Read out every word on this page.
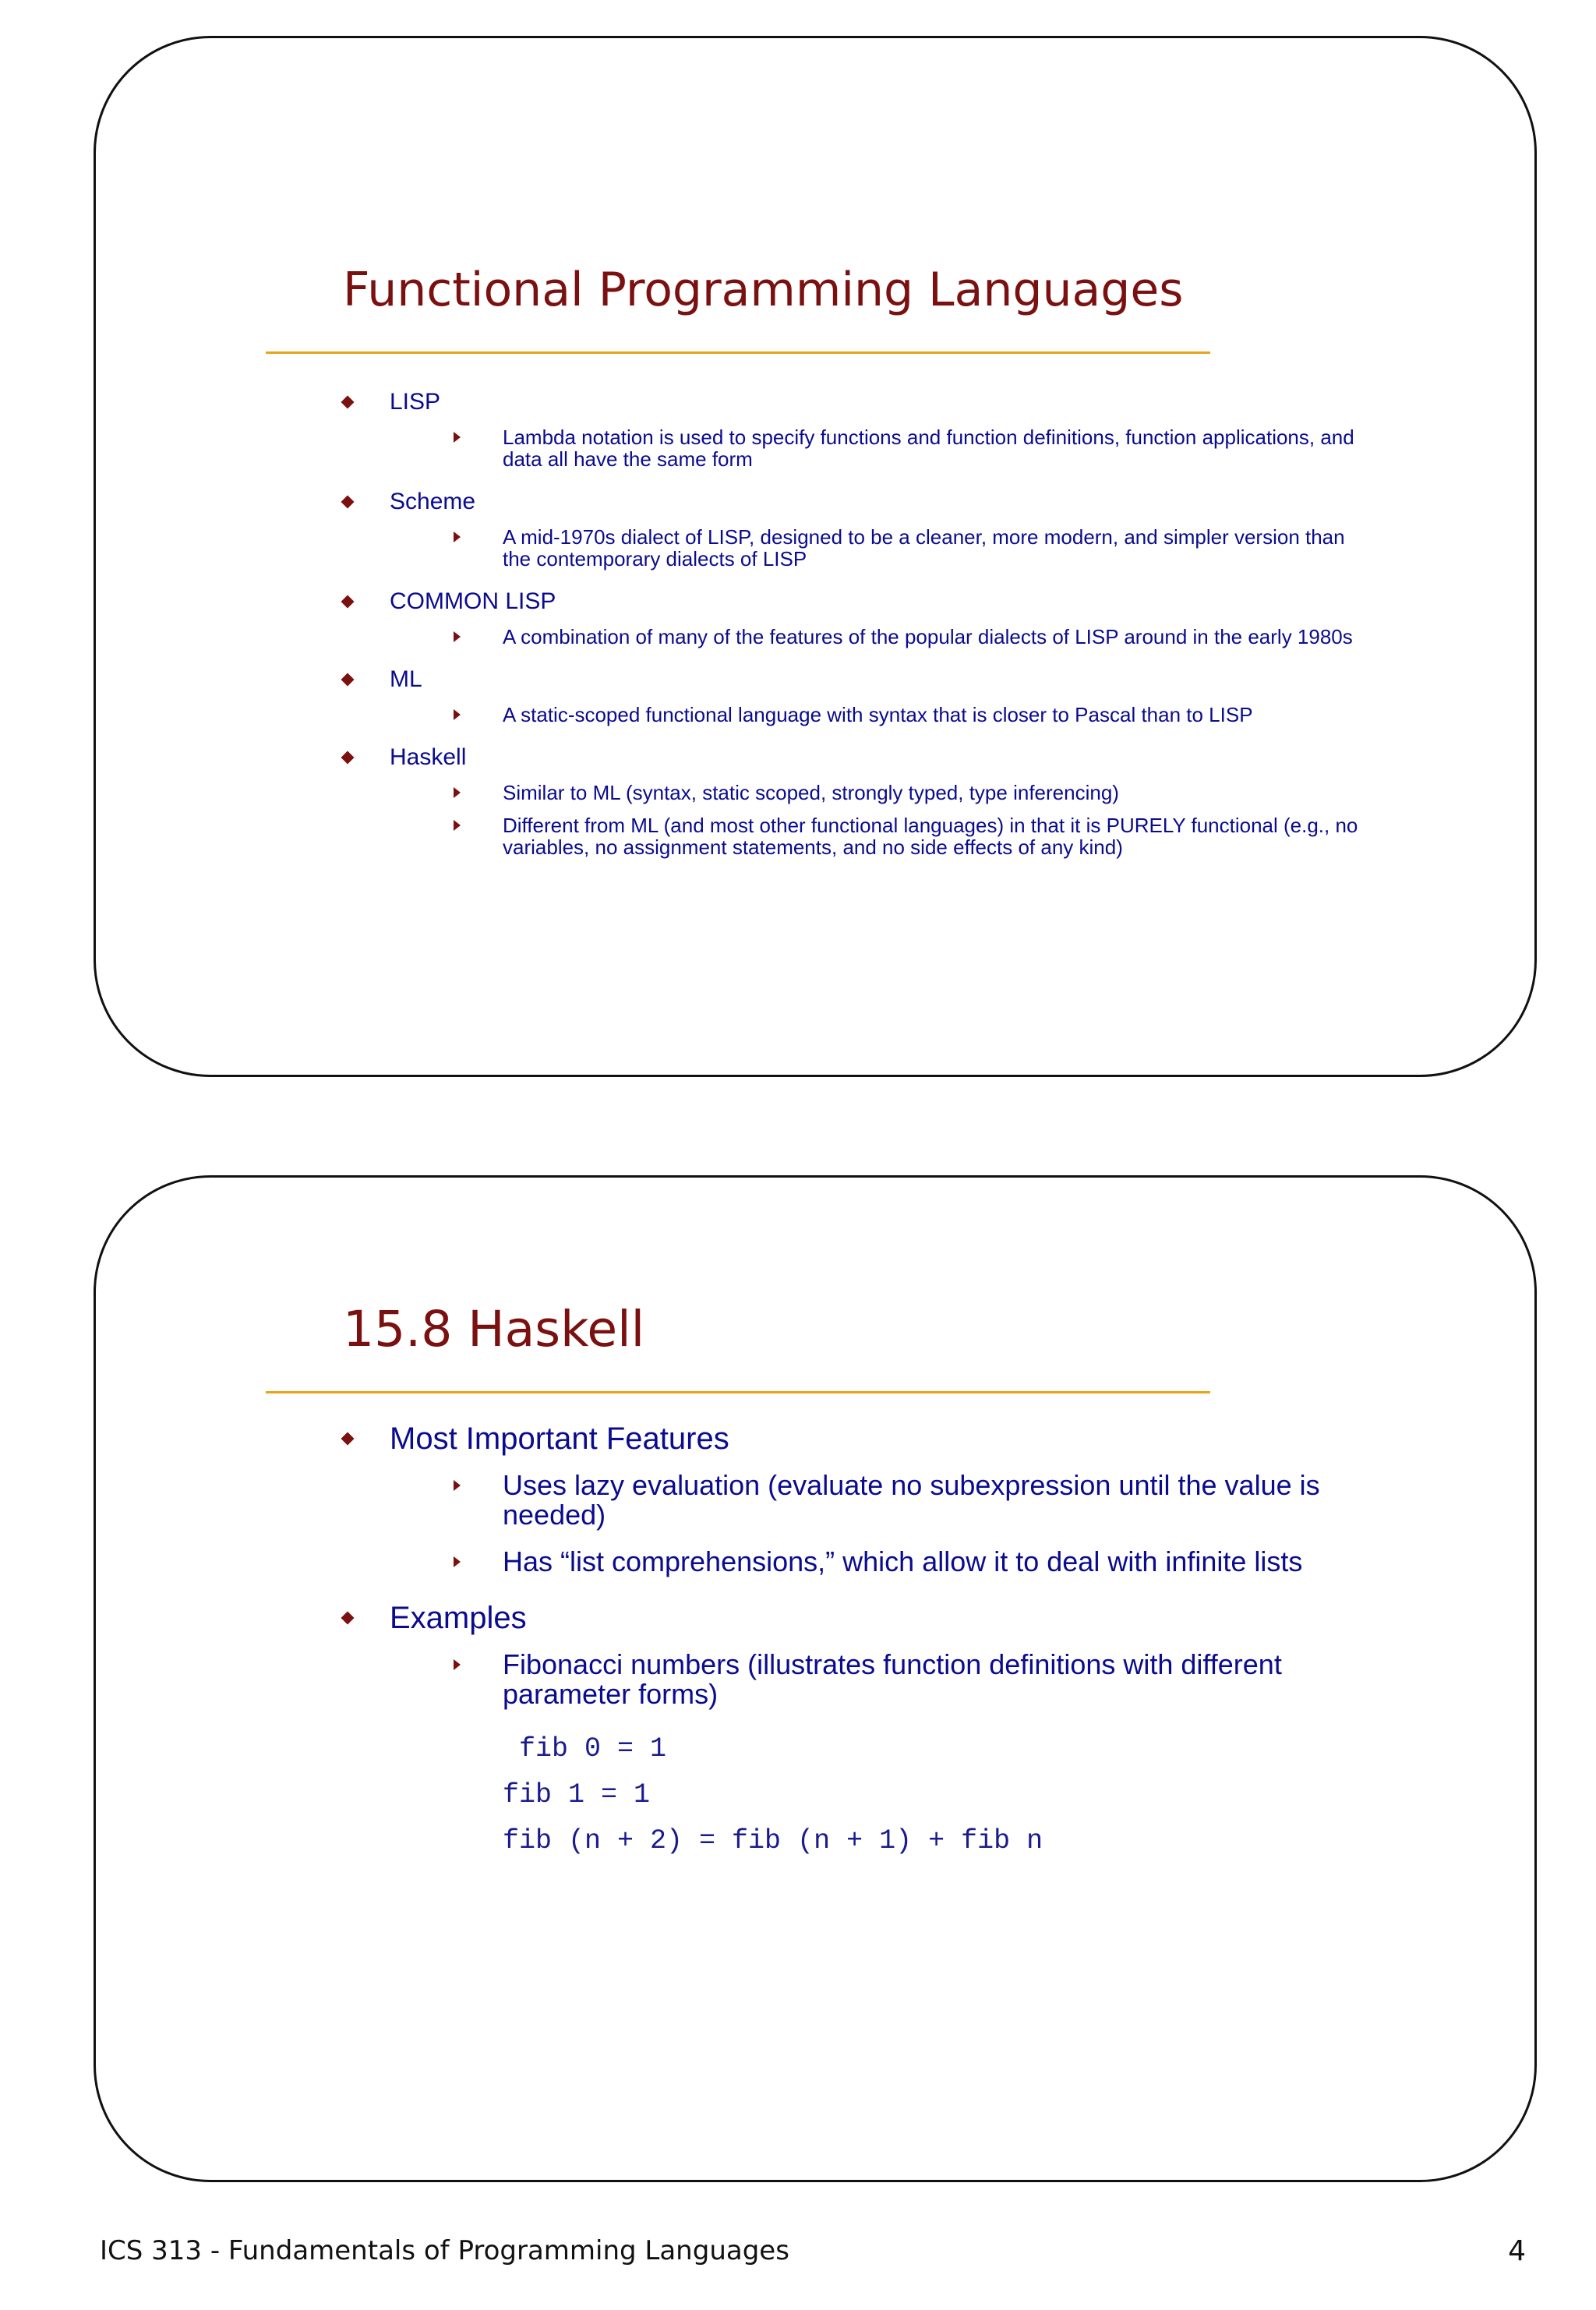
Functional Programming Languages
LISP
Lambda notation is used to specify functions and function definitions, function applications, and data all have the same form
Scheme
A mid-1970s dialect of LISP, designed to be a cleaner, more modern, and simpler version than the contemporary dialects of LISP
COMMON LISP
A combination of many of the features of the popular dialects of LISP around in the early 1980s
ML
A static-scoped functional language with syntax that is closer to Pascal than to LISP
Haskell
Similar to ML (syntax, static scoped, strongly typed, type inferencing)
Different from ML (and most other functional languages) in that it is PURELY functional (e.g., no variables, no assignment statements, and no side effects of any kind)
15.8 Haskell
Most Important Features
Uses lazy evaluation (evaluate no subexpression until the value is needed)
Has “list comprehensions,” which allow it to deal with infinite lists
Examples
Fibonacci numbers (illustrates function definitions with different parameter forms)
fib 0 = 1
fib 1 = 1
fib (n + 2) = fib (n + 1) + fib n
ICS 313 - Fundamentals of Programming Languages	4
